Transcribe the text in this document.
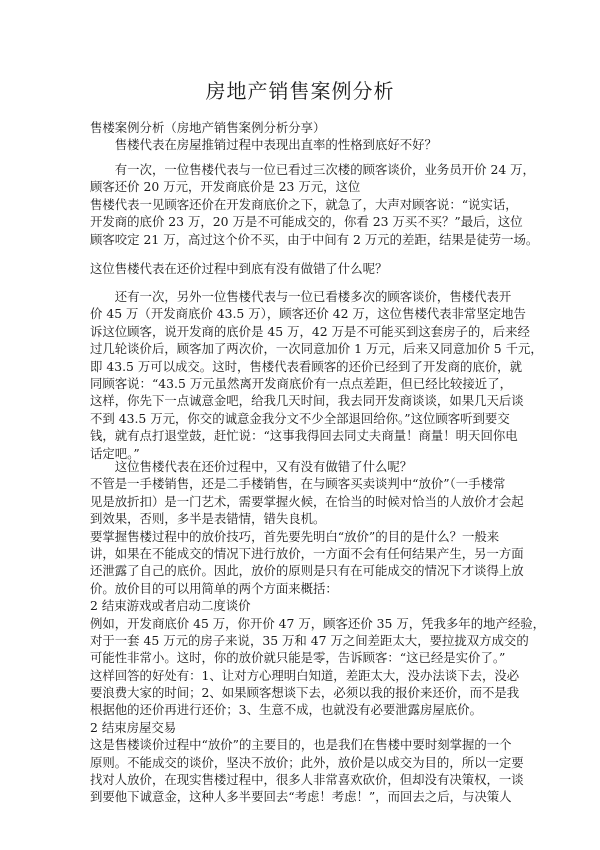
房地产销售案例分析
售楼案例分析（房地产销售案例分析分享）
　　售楼代表在房屋推销过程中表现出直率的性格到底好不好？
　　有一次，一位售楼代表与一位已看过三次楼的顾客谈价，业务员开价 24 万，
顾客还价 20 万元，开发商底价是 23 万元，这位
售楼代表一见顾客还价在开发商底价之下，就急了，大声对顾客说：“说实话，
开发商的底价 23 万，20 万是不可能成交的，你看 23 万买不买？”最后，这位
顾客咬定 21 万，高过这个价不买，由于中间有 2 万元的差距，结果是徒劳一场。
这位售楼代表在还价过程中到底有没有做错了什么呢？
　　还有一次，另外一位售楼代表与一位已看楼多次的顾客谈价，售楼代表开
价 45 万（开发商底价 43.5 万），顾客还价 42 万，这位售楼代表非常坚定地告
诉这位顾客，说开发商的底价是 45 万，42 万是不可能买到这套房子的，后来经
过几轮谈价后，顾客加了两次价，一次同意加价 1 万元，后来又同意加价 5 千元，
即 43.5 万可以成交。这时，售楼代表看顾客的还价已经到了开发商的底价，就
同顾客说：“43.5 万元虽然离开发商底价有一点点差距，但已经比较接近了，
这样，你先下一点诚意金吧，给我几天时间，我去同开发商谈谈，如果几天后谈
不到 43.5 万元，你交的诚意金我分文不少全部退回给你。”这位顾客听到要交
钱，就有点打退堂鼓，赶忙说：“这事我得回去同丈夫商量！商量！明天回你电
话定吧。”
　　这位售楼代表在还价过程中，又有没有做错了什么呢？
不管是一手楼销售，还是二手楼销售，在与顾客买卖谈判中“放价”（一手楼常
见是放折扣）是一门艺术，需要掌握火候，在恰当的时候对恰当的人放价才会起
到效果，否则，多半是表错情，错失良机。
要掌握售楼过程中的放价技巧，首先要先明白“放价”的目的是什么？一般来
讲，如果在不能成交的情况下进行放价，一方面不会有任何结果产生，另一方面
还泄露了自己的底价。因此，放价的原则是只有在可能成交的情况下才谈得上放
价。放价目的可以用简单的两个方面来概括：
2 结束游戏或者启动二度谈价
例如，开发商底价 45 万，你开价 47 万，顾客还价 35 万，凭我多年的地产经验，
对于一套 45 万元的房子来说，35 万和 47 万之间差距太大，要拉拢双方成交的
可能性非常小。这时，你的放价就只能是零，告诉顾客：“这已经是实价了。”
这样回答的好处有：1、让对方心理明白知道，差距太大，没办法谈下去，没必
要浪费大家的时间；2、如果顾客想谈下去，必须以我的报价来还价，而不是我
根据他的还价再进行还价；3、生意不成，也就没有必要泄露房屋底价。
2 结束房屋交易
这是售楼谈价过程中“放价”的主要目的，也是我们在售楼中要时刻掌握的一个
原则。不能成交的谈价，坚决不放价；此外，放价是以成交为目的，所以一定要
找对人放价，在现实售楼过程中，很多人非常喜欢砍价，但却没有决策权，一谈
到要他下诚意金，这种人多半要回去“考虑！考虑！”，而回去之后，与决策人
